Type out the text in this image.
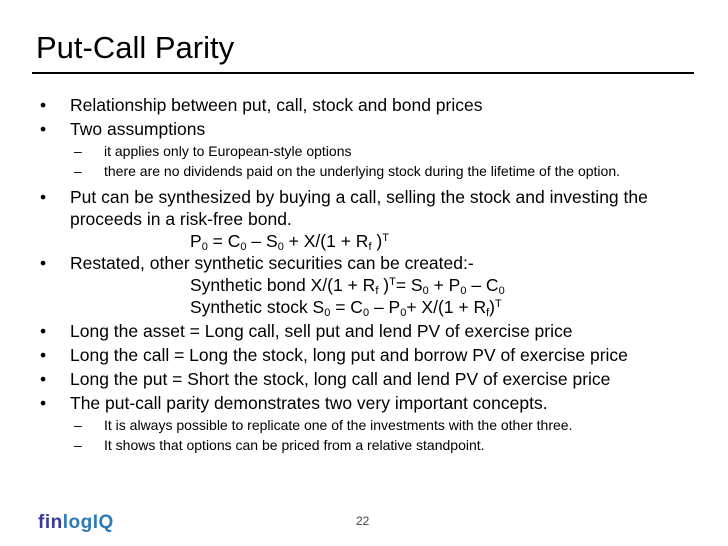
Put-Call Parity
• Relationship between put, call, stock and bond prices
• Two assumptions
– it applies only to European-style options
– there are no dividends paid on the underlying stock during the lifetime of the option.
• Put can be synthesized by buying a call, selling the stock and investing the proceeds in a risk-free bond.
$P_0 = C_0 - S_0 + X/(1 + R_f$ )$^T$
• Restated, other synthetic securities can be created:-
Synthetic bond $X/(1 + R_f$ )$^T= S_0 + P_0 - C_0$
Synthetic stock $S_0 = C_0 - P_0+ X/(1 + R_f)^T$
• Long the asset = Long call, sell put and lend PV of exercise price
• Long the call = Long the stock, long put and borrow PV of exercise price
• Long the put = Short the stock, long call and lend PV of exercise price
• The put-call parity demonstrates two very important concepts.
– It is always possible to replicate one of the investments with the other three.
– It shows that options can be priced from a relative standpoint.
finlogIQ	22
